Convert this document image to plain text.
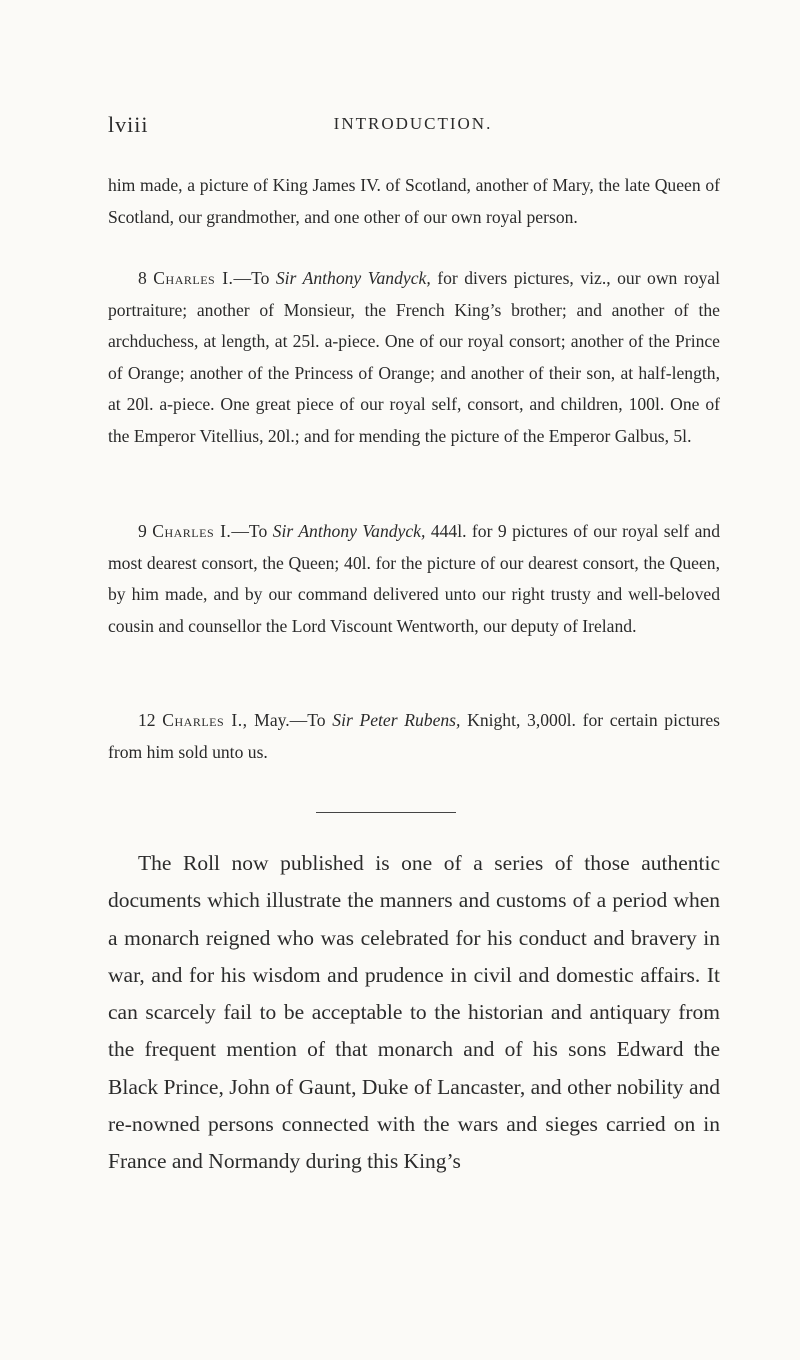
lviii	INTRODUCTION.

him made, a picture of King James IV. of Scotland, another of Mary, the late Queen of Scotland, our grandmother, and one other of our own royal person.

8 Charles I.—To Sir Anthony Vandyck, for divers pictures, viz., our own royal portraiture; another of Monsieur, the French King’s brother; and another of the archduchess, at length, at 25l. a-piece. One of our royal consort; another of the Prince of Orange; another of the Princess of Orange; and another of their son, at half-length, at 20l. a-piece. One great piece of our royal self, consort, and children, 100l. One of the Emperor Vitellius, 20l.; and for mending the picture of the Emperor Galbus, 5l.

9 Charles I.—To Sir Anthony Vandyck, 444l. for 9 pictures of our royal self and most dearest consort, the Queen; 40l. for the picture of our dearest consort, the Queen, by him made, and by our command delivered unto our right trusty and well-beloved cousin and counsellor the Lord Viscount Wentworth, our deputy of Ireland.

12 Charles I., May.—To Sir Peter Rubens, Knight, 3,000l. for certain pictures from him sold unto us.

The Roll now published is one of a series of those authentic documents which illustrate the manners and customs of a period when a monarch reigned who was celebrated for his conduct and bravery in war, and for his wisdom and prudence in civil and domestic affairs. It can scarcely fail to be acceptable to the historian and antiquary from the frequent mention of that monarch and of his sons Edward the Black Prince, John of Gaunt, Duke of Lancaster, and other nobility and re-nowned persons connected with the wars and sieges carried on in France and Normandy during this King’s
